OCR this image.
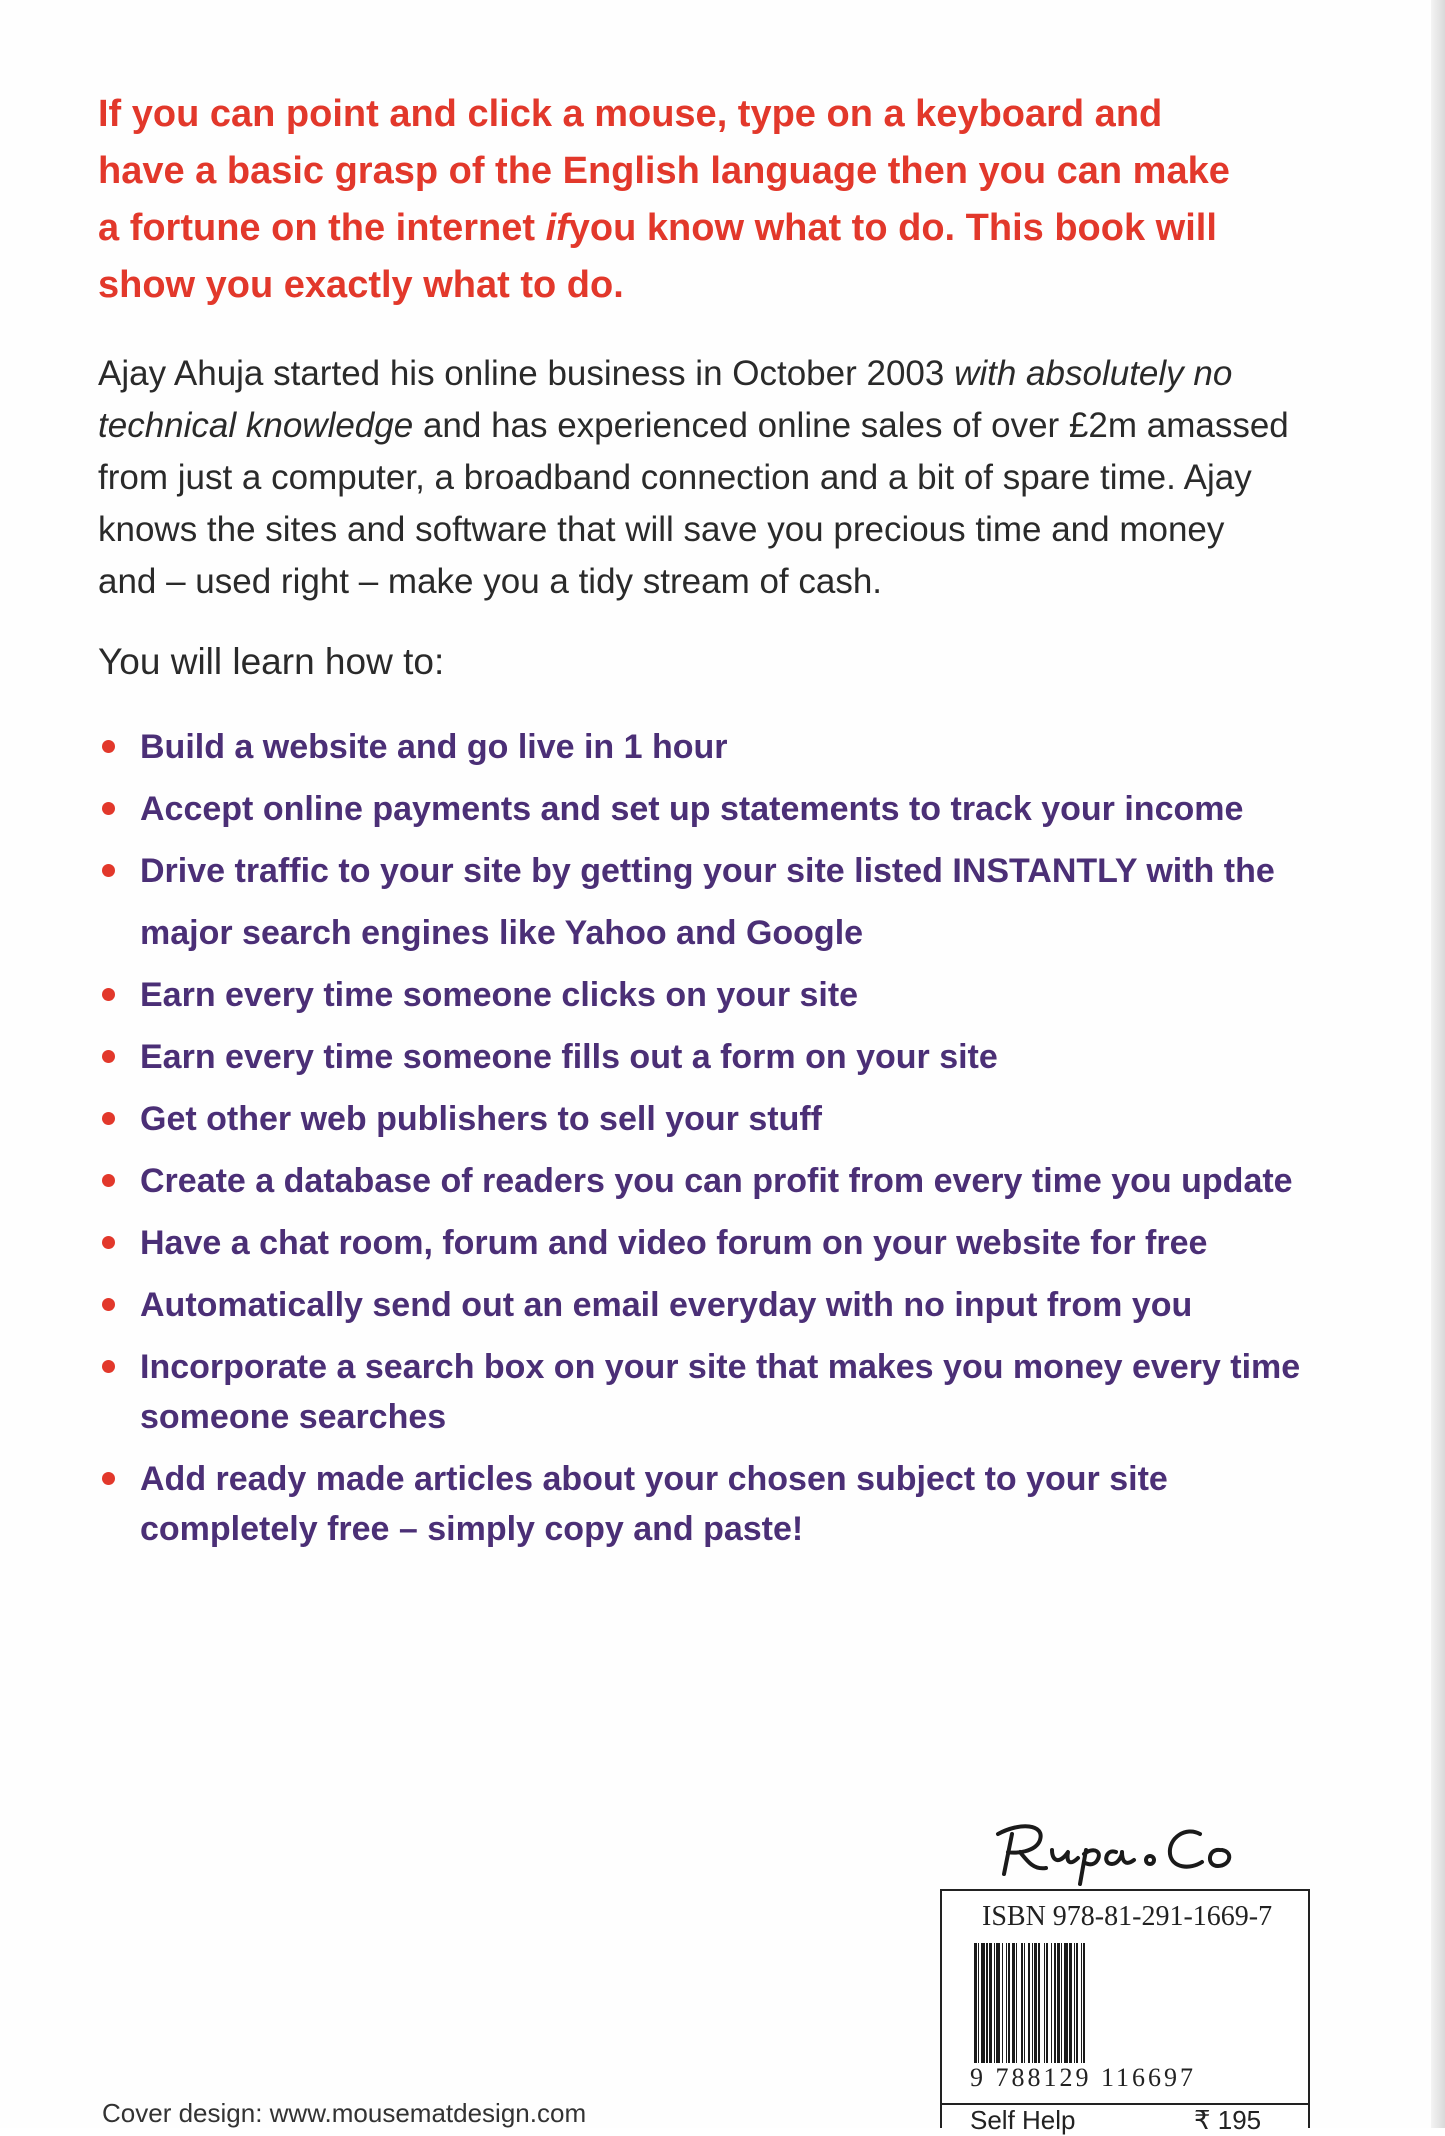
If you can point and click a mouse, type on a keyboard and
have a basic grasp of the English language then you can make
a fortune on the internet ifyou know what to do. This book will
show you exactly what to do.
Ajay Ahuja started his online business in October 2003 with absolutely no
technical knowledge and has experienced online sales of over £2m amassed
from just a computer, a broadband connection and a bit of spare time. Ajay
knows the sites and software that will save you precious time and money
and – used right – make you a tidy stream of cash.
You will learn how to:
Build a website and go live in 1 hour
Accept online payments and set up statements to track your income
Drive traffic to your site by getting your site listed INSTANTLY with the
major search engines like Yahoo and Google
Earn every time someone clicks on your site
Earn every time someone fills out a form on your site
Get other web publishers to sell your stuff
Create a database of readers you can profit from every time you update
Have a chat room, forum and video forum on your website for free
Automatically send out an email everyday with no input from you
Incorporate a search box on your site that makes you money every time
someone searches
Add ready made articles about your chosen subject to your site
completely free – simply copy and paste!
ISBN 978-81-291-1669-7
9 788129 116697
Self Help	₹ 195
Cover design: www.mousematdesign.com
